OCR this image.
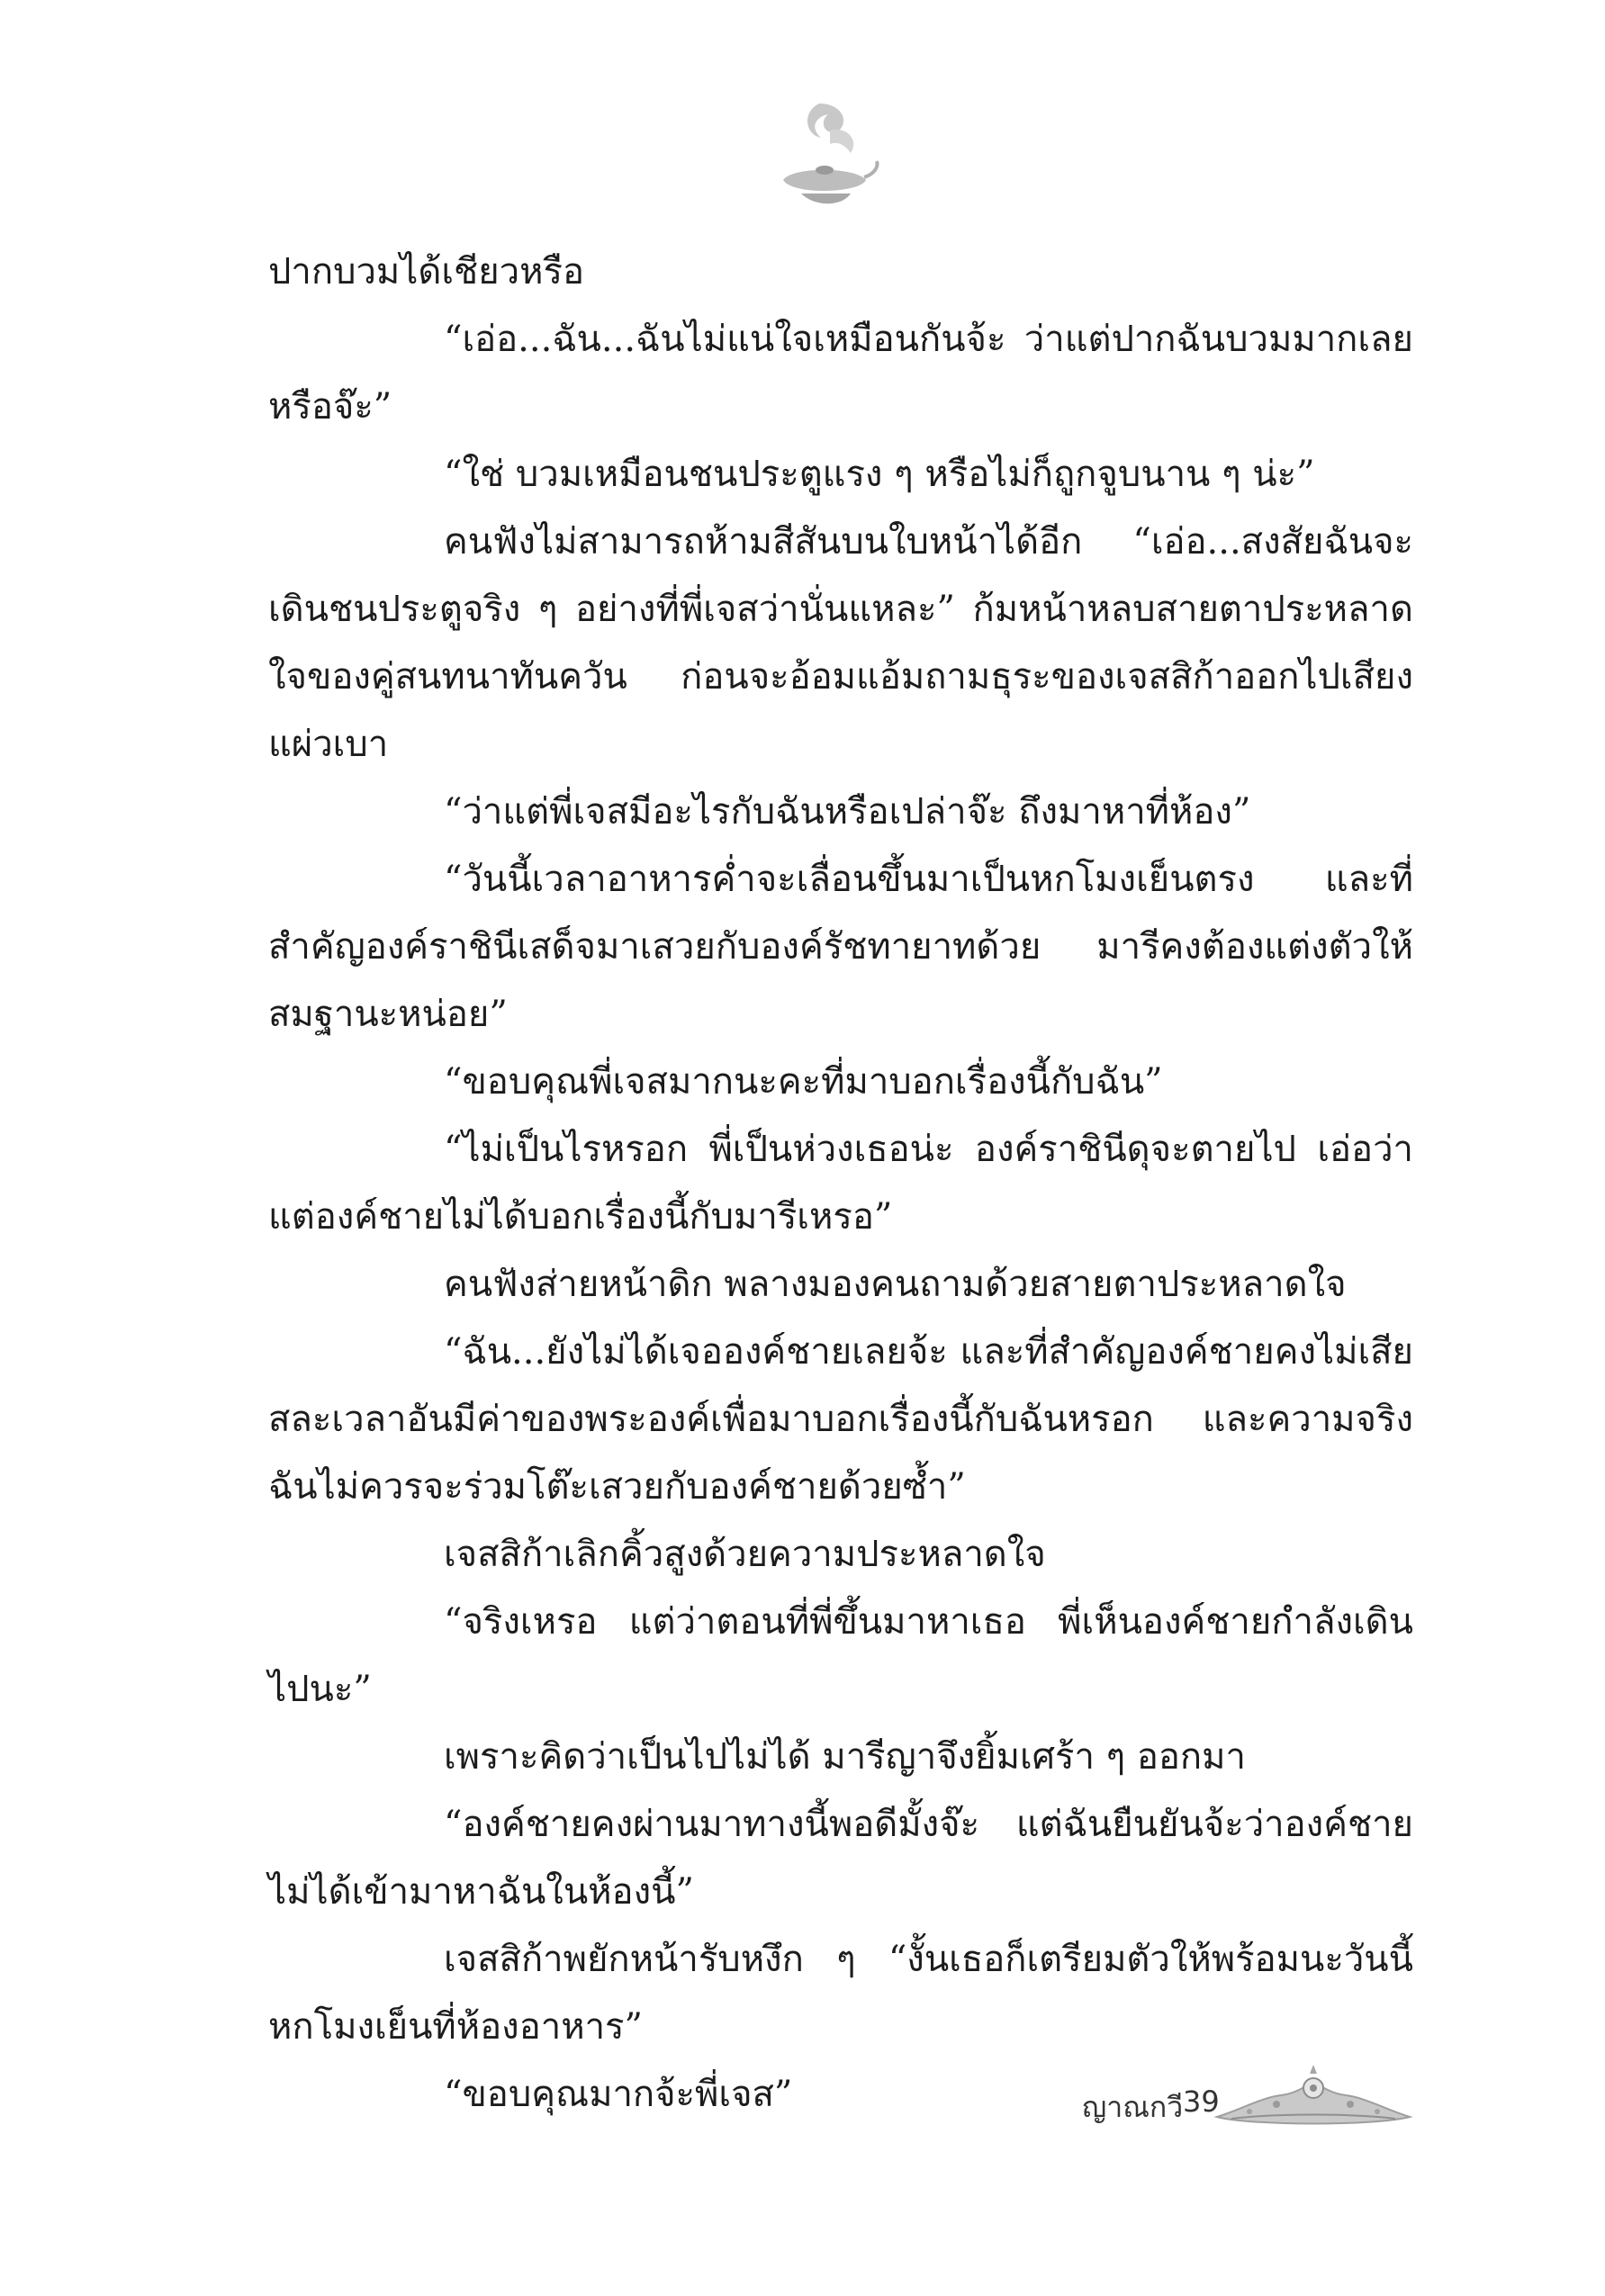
ปากบวมได้เชียวหรือ

“เอ่อ...ฉัน...ฉันไม่แน่ใจเหมือนกันจ้ะ ว่าแต่ปากฉันบวมมากเลยหรือจ๊ะ”

“ใช่ บวมเหมือนชนประตูแรง ๆ หรือไม่ก็ถูกจูบนาน ๆ น่ะ”

คนฟังไม่สามารถห้ามสีสันบนใบหน้าได้อีก “เอ่อ...สงสัยฉันจะเดินชนประตูจริง ๆ อย่างที่พี่เจสว่านั่นแหละ” ก้มหน้าหลบสายตาประหลาดใจของคู่สนทนาทันควัน ก่อนจะอ้อมแอ้มถามธุระของเจสสิก้าออกไปเสียงแผ่วเบา

“ว่าแต่พี่เจสมีอะไรกับฉันหรือเปล่าจ๊ะ ถึงมาหาที่ห้อง”

“วันนี้เวลาอาหารค่ำจะเลื่อนขึ้นมาเป็นหกโมงเย็นตรง และที่สำคัญองค์ราชินีเสด็จมาเสวยกับองค์รัชทายาทด้วย มารีคงต้องแต่งตัวให้สมฐานะหน่อย”

“ขอบคุณพี่เจสมากนะคะที่มาบอกเรื่องนี้กับฉัน”

“ไม่เป็นไรหรอก พี่เป็นห่วงเธอน่ะ องค์ราชินีดุจะตายไป เอ่อว่าแต่องค์ชายไม่ได้บอกเรื่องนี้กับมารีเหรอ”

คนฟังส่ายหน้าดิก พลางมองคนถามด้วยสายตาประหลาดใจ

“ฉัน...ยังไม่ได้เจอองค์ชายเลยจ้ะ และที่สำคัญองค์ชายคงไม่เสียสละเวลาอันมีค่าของพระองค์เพื่อมาบอกเรื่องนี้กับฉันหรอก และความจริงฉันไม่ควรจะร่วมโต๊ะเสวยกับองค์ชายด้วยซ้ำ”

เจสสิก้าเลิกคิ้วสูงด้วยความประหลาดใจ

“จริงเหรอ แต่ว่าตอนที่พี่ขึ้นมาหาเธอ พี่เห็นองค์ชายกำลังเดินไปนะ”

เพราะคิดว่าเป็นไปไม่ได้ มารีญาจึงยิ้มเศร้า ๆ ออกมา

“องค์ชายคงผ่านมาทางนี้พอดีมั้งจ๊ะ แต่ฉันยืนยันจ้ะว่าองค์ชายไม่ได้เข้ามาหาฉันในห้องนี้”

เจสสิก้าพยักหน้ารับหงึก ๆ “งั้นเธอก็เตรียมตัวให้พร้อมนะวันนี้หกโมงเย็นที่ห้องอาหาร”

“ขอบคุณมากจ้ะพี่เจส”	ญาณกวี 39
